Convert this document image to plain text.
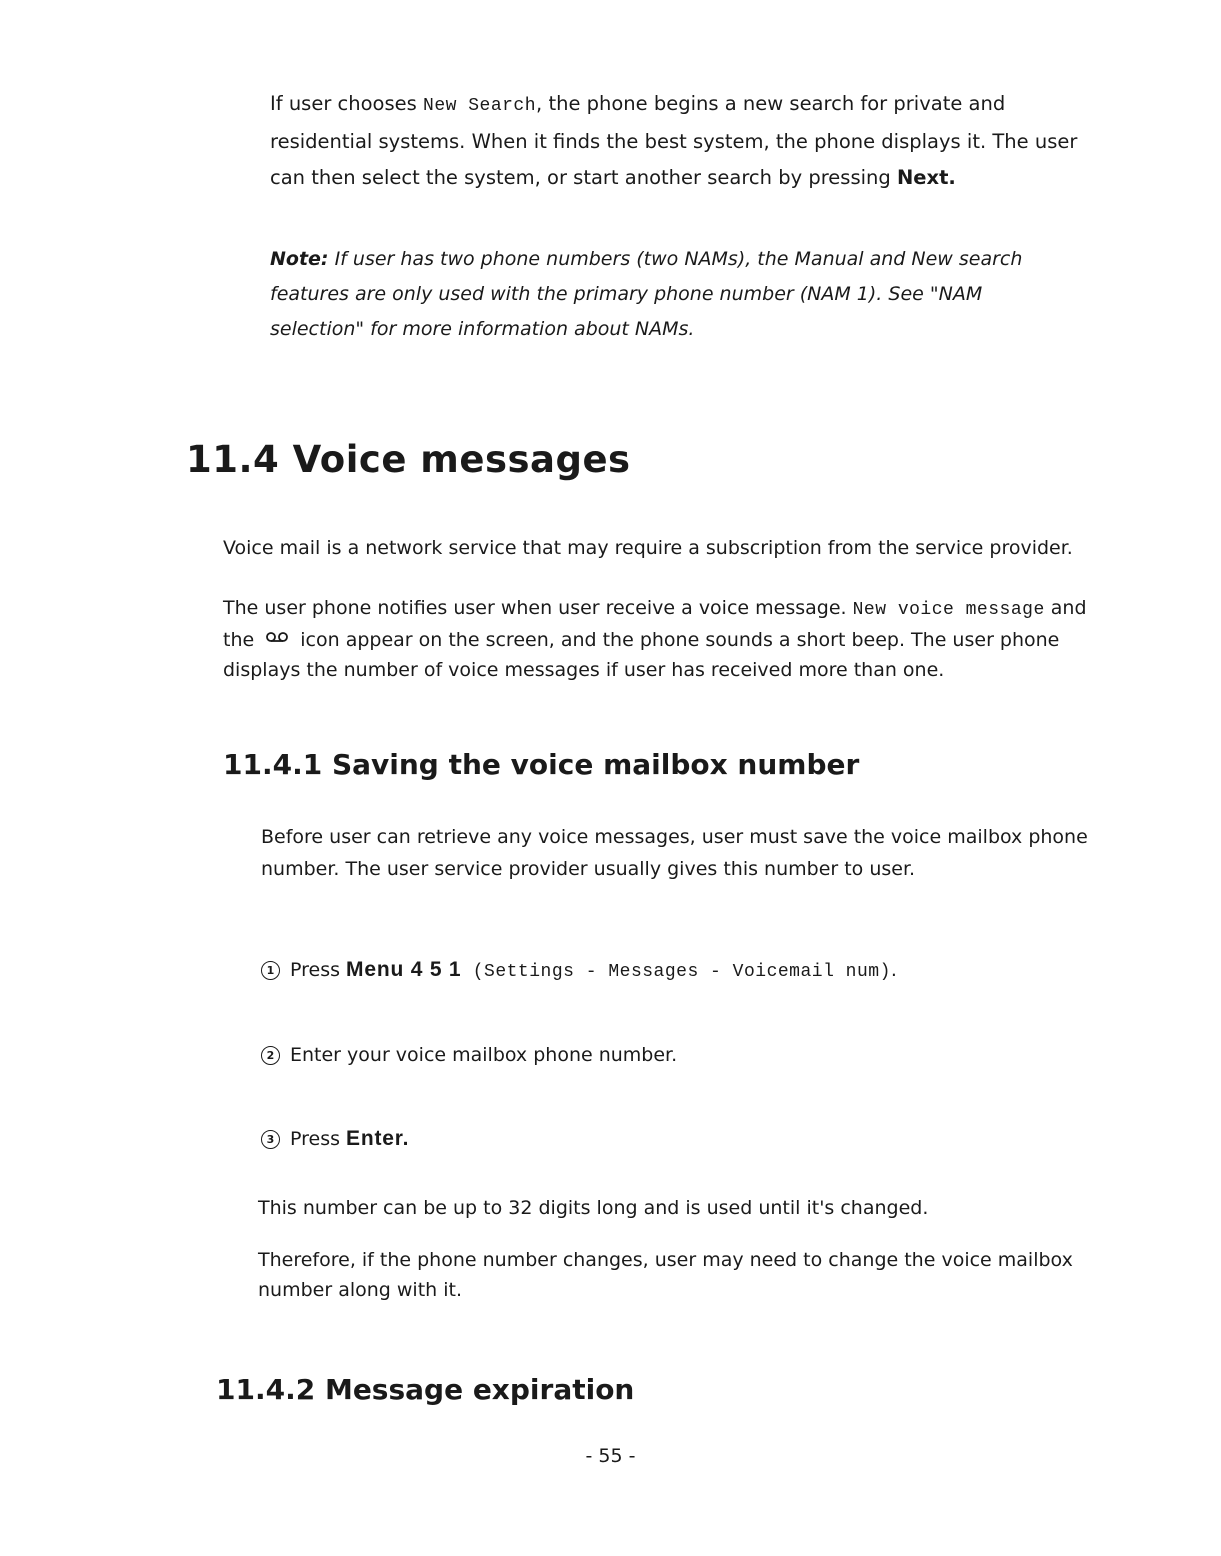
If user chooses New Search, the phone begins a new search for private and residential systems. When it finds the best system, the phone displays it. The user can then select the system, or start another search by pressing Next.

Note: If user has two phone numbers (two NAMs), the Manual and New search features are only used with the primary phone number (NAM 1). See "NAM selection" for more information about NAMs.

11.4 Voice messages

Voice mail is a network service that may require a subscription from the service provider.

The user phone notifies user when user receive a voice message. New voice message and the  icon appear on the screen, and the phone sounds a short beep. The user phone displays the number of voice messages if user has received more than one.

11.4.1 Saving the voice mailbox number

Before user can retrieve any voice messages, user must save the voice mailbox phone number. The user service provider usually gives this number to user.

1 Press Menu 4 5 1 (Settings - Messages - Voicemail num).
2 Enter your voice mailbox phone number.
3 Press Enter.

This number can be up to 32 digits long and is used until it's changed.

Therefore, if the phone number changes, user may need to change the voice mailbox number along with it.

11.4.2 Message expiration
- 55 -
